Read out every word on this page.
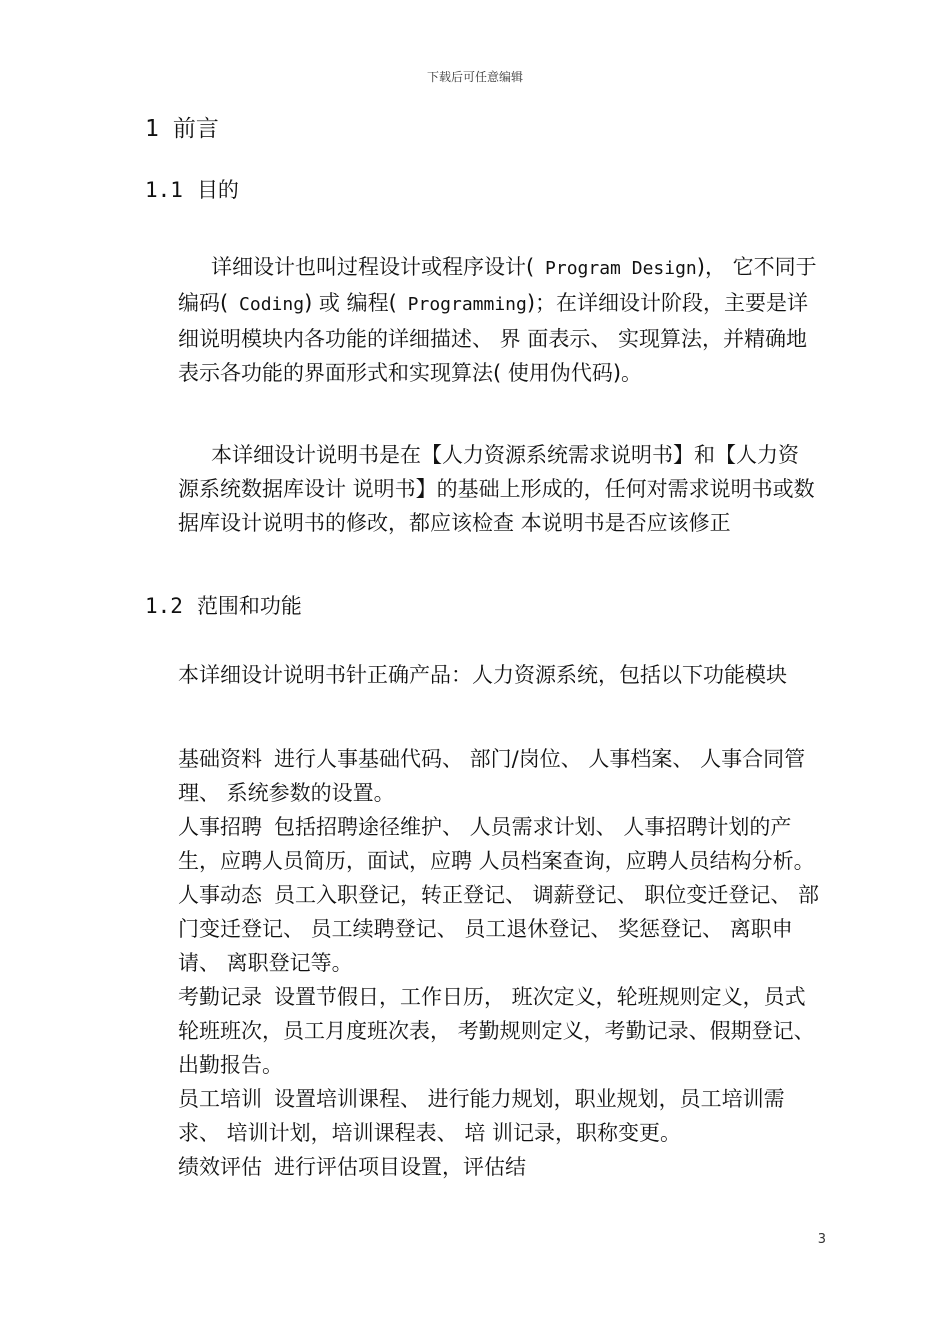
下载后可任意编辑
1 前言
1.1 目的
详细设计也叫过程设计或程序设计( Program Design)， 它不同于编码( Coding) 或 编程( Programming)；在详细设计阶段，主要是详细说明模块内各功能的详细描述、 界 面表示、 实现算法，并精确地表示各功能的界面形式和实现算法( 使用伪代码)。
本详细设计说明书是在【人力资源系统需求说明书】和【人力资源系统数据库设计 说明书】的基础上形成的，任何对需求说明书或数据库设计说明书的修改，都应该检查 本说明书是否应该修正
1.2 范围和功能
本详细设计说明书针正确产品：人力资源系统，包括以下功能模块
基础资料 进行人事基础代码、 部门/岗位、 人事档案、 人事合同管理、 系统参数的设置。
人事招聘 包括招聘途径维护、 人员需求计划、 人事招聘计划的产生，应聘人员简历，面试，应聘 人员档案查询，应聘人员结构分析。
人事动态 员工入职登记，转正登记、 调薪登记、 职位变迁登记、 部门变迁登记、 员工续聘登记、 员工退休登记、 奖惩登记、 离职申请、 离职登记等。
考勤记录 设置节假日，工作日历， 班次定义，轮班规则定义，员式轮班班次，员工月度班次表， 考勤规则定义，考勤记录、假期登记、 出勤报告。
员工培训 设置培训课程、 进行能力规划，职业规划，员工培训需求、 培训计划，培训课程表、 培 训记录，职称变更。
绩效评估 进行评估项目设置，评估结
3
